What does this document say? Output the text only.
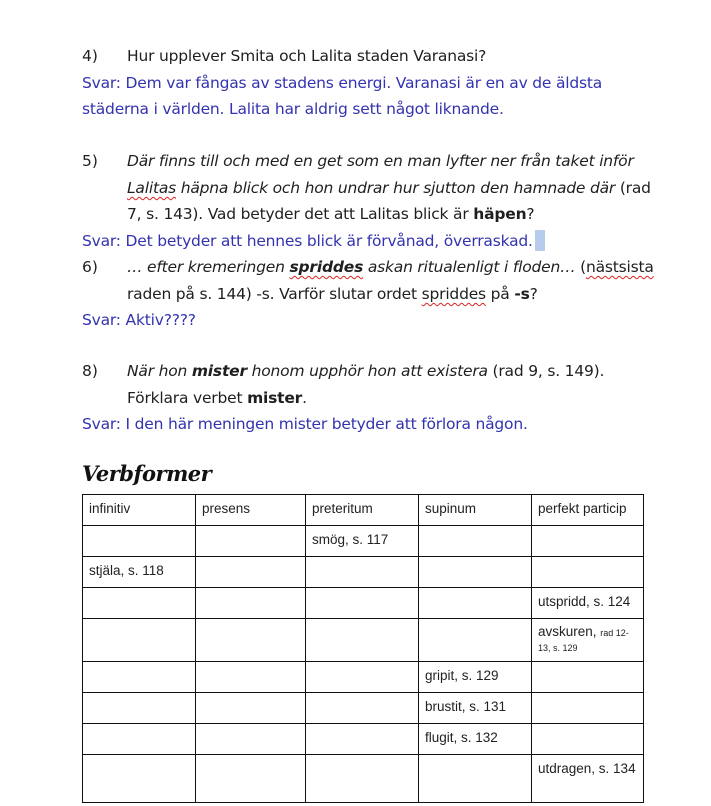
4) Hur upplever Smita och Lalita staden Varanasi?
Svar: Dem var fångas av stadens energi. Varanasi är en av de äldsta
städerna i världen. Lalita har aldrig sett något liknande.
5) Där finns till och med en get som en man lyfter ner från taket inför
Lalitas häpna blick och hon undrar hur sjutton den hamnade där (rad
7, s. 143). Vad betyder det att Lalitas blick är häpen?
Svar: Det betyder att hennes blick är förvånad, överraskad.
6) … efter kremeringen spriddes askan ritualenligt i floden… (nästsista
raden på s. 144) -s. Varför slutar ordet spriddes på -s?
Svar: Aktiv????
8) När hon mister honom upphör hon att existera (rad 9, s. 149).
Förklara verbet mister.
Svar: I den här meningen mister betyder att förlora någon.
Verbformer
infinitiv	presens	preteritum	supinum	perfekt particip
		smög, s. 117		
stjäla, s. 118				
				utspridd, s. 124
				avskuren, rad 12-13, s. 129
			gripit, s. 129	
			brustit, s. 131	
			flugit, s. 132	
				utdragen, s. 134
